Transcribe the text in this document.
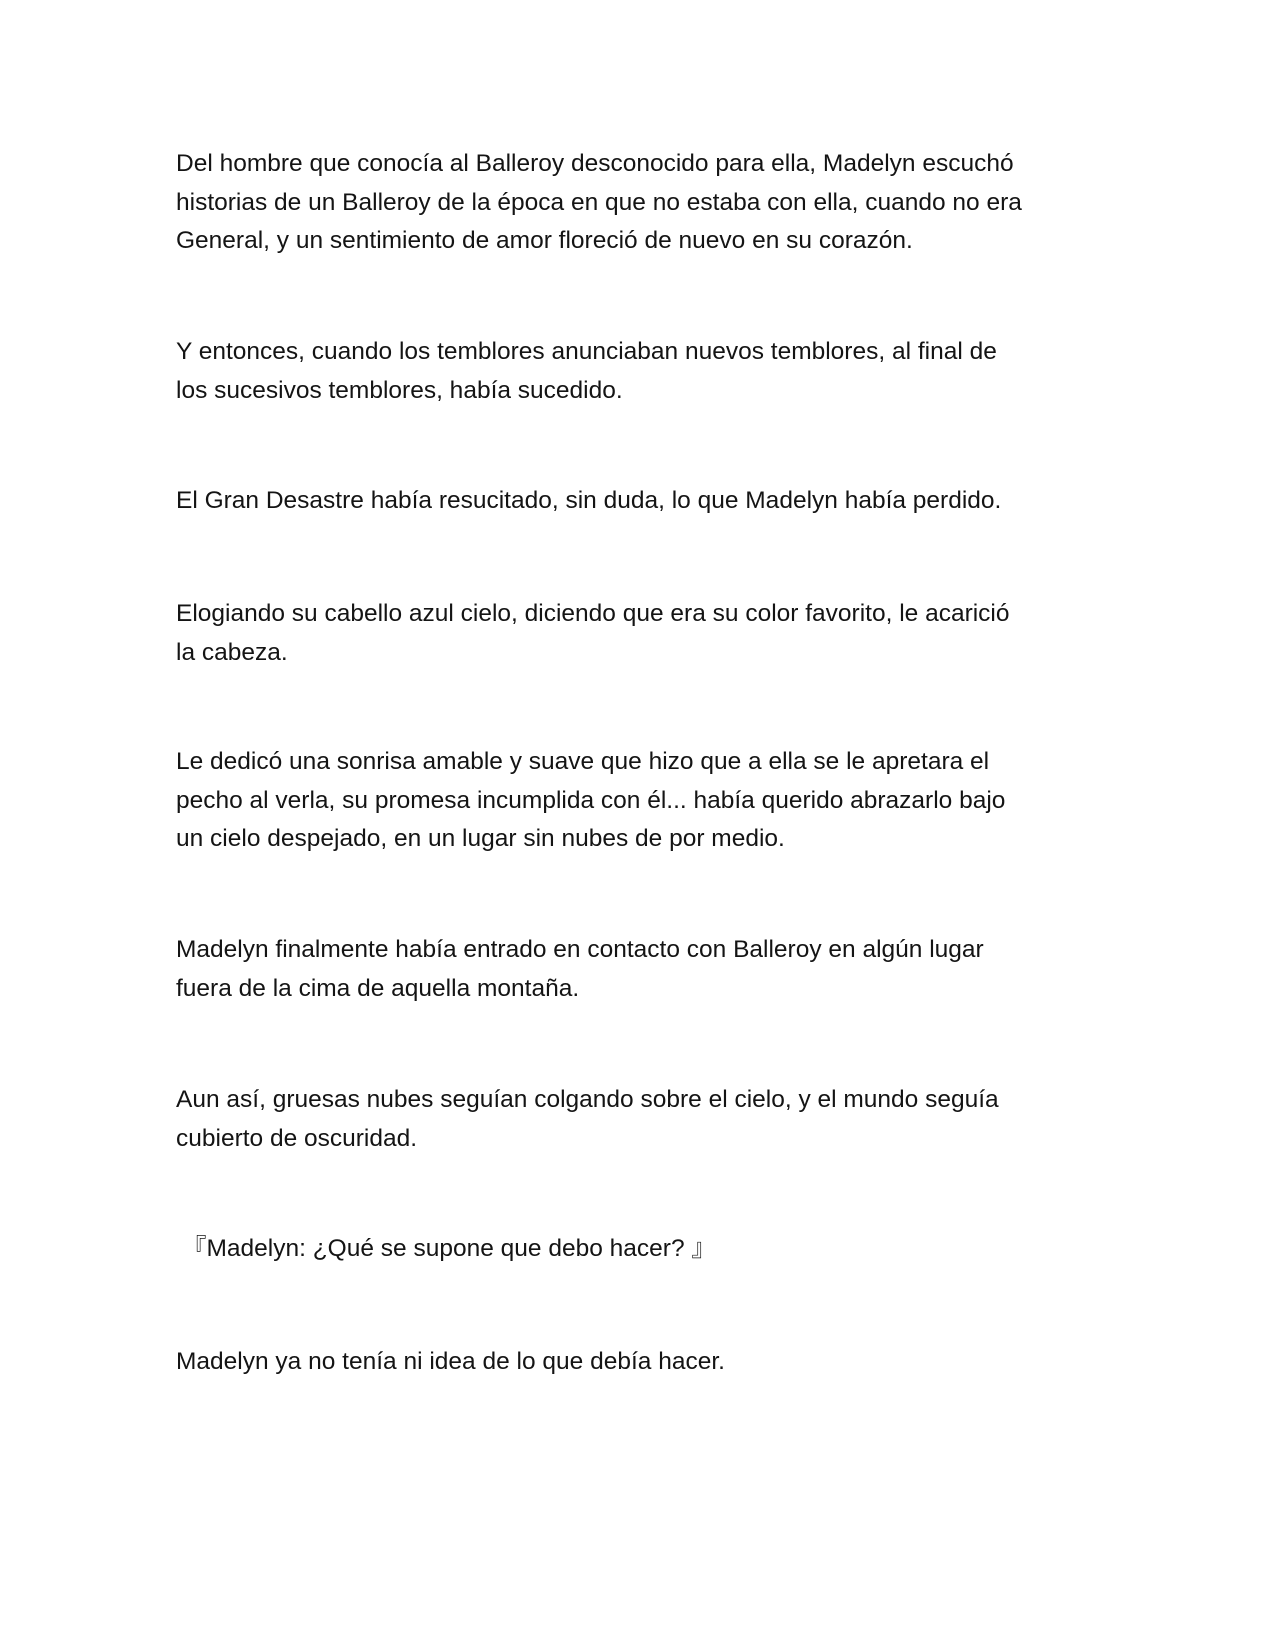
Del hombre que conocía al Balleroy desconocido para ella, Madelyn escuchó
historias de un Balleroy de la época en que no estaba con ella, cuando no era
General, y un sentimiento de amor floreció de nuevo en su corazón.

Y entonces, cuando los temblores anunciaban nuevos temblores, al final de
los sucesivos temblores, había sucedido.

El Gran Desastre había resucitado, sin duda, lo que Madelyn había perdido.

Elogiando su cabello azul cielo, diciendo que era su color favorito, le acarició
la cabeza.

Le dedicó una sonrisa amable y suave que hizo que a ella se le apretara el
pecho al verla, su promesa incumplida con él... había querido abrazarlo bajo
un cielo despejado, en un lugar sin nubes de por medio.

Madelyn finalmente había entrado en contacto con Balleroy en algún lugar
fuera de la cima de aquella montaña.

Aun así, gruesas nubes seguían colgando sobre el cielo, y el mundo seguía
cubierto de oscuridad.

『Madelyn: ¿Qué se supone que debo hacer? 』

Madelyn ya no tenía ni idea de lo que debía hacer.
